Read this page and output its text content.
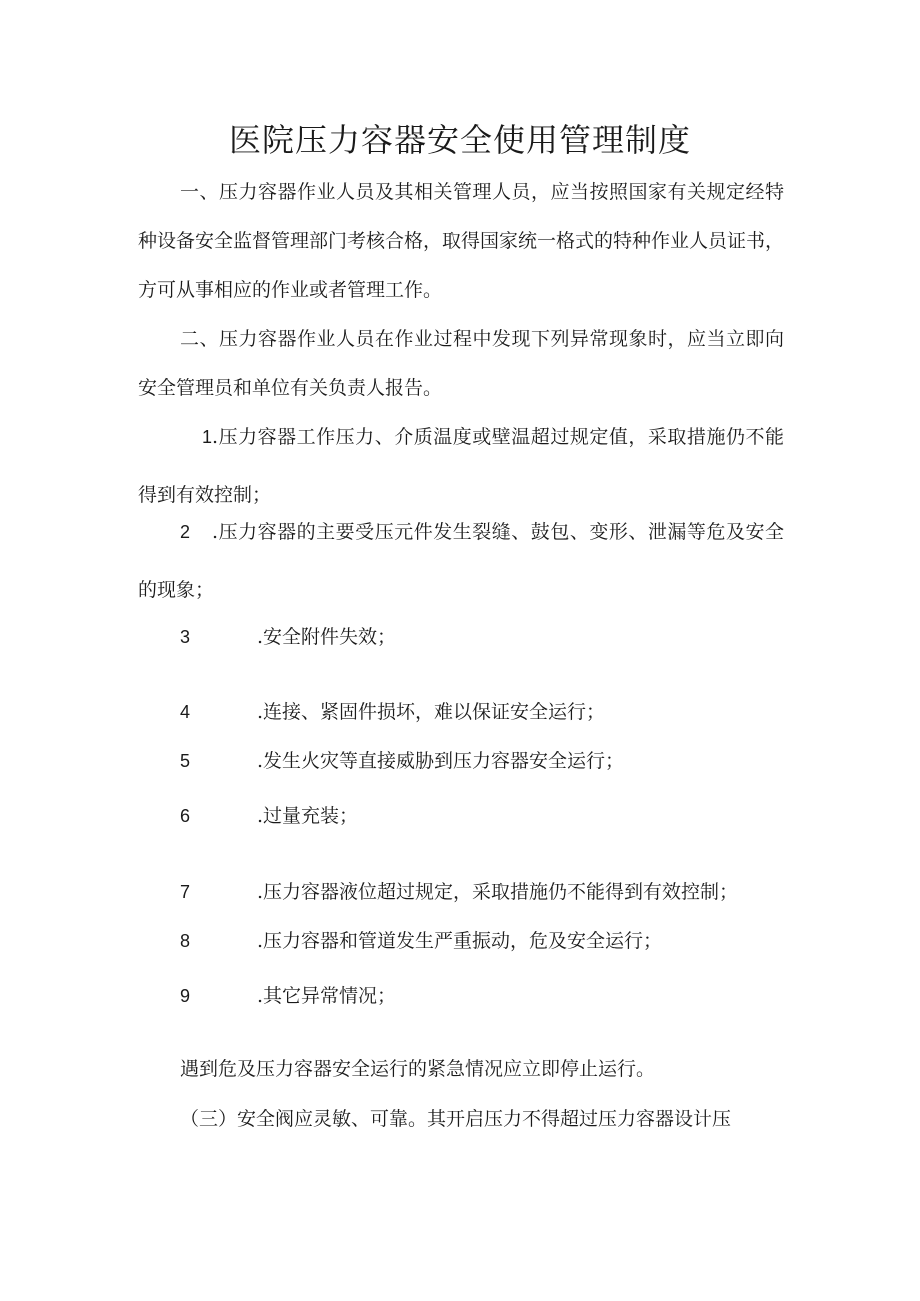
医院压力容器安全使用管理制度
一、压力容器作业人员及其相关管理人员，应当按照国家有关规定经特种设备安全监督管理部门考核合格，取得国家统一格式的特种作业人员证书，方可从事相应的作业或者管理工作。
二、压力容器作业人员在作业过程中发现下列异常现象时，应当立即向安全管理员和单位有关负责人报告。
1.压力容器工作压力、介质温度或壁温超过规定值，采取措施仍不能得到有效控制；
2 .压力容器的主要受压元件发生裂缝、鼓包、变形、泄漏等危及安全的现象；
3	.安全附件失效；
4	.连接、紧固件损坏，难以保证安全运行；
5	.发生火灾等直接威胁到压力容器安全运行；
6	.过量充装；
7	.压力容器液位超过规定，采取措施仍不能得到有效控制；
8	.压力容器和管道发生严重振动，危及安全运行；
9	.其它异常情况；
遇到危及压力容器安全运行的紧急情况应立即停止运行。
（三）安全阀应灵敏、可靠。其开启压力不得超过压力容器设计压
